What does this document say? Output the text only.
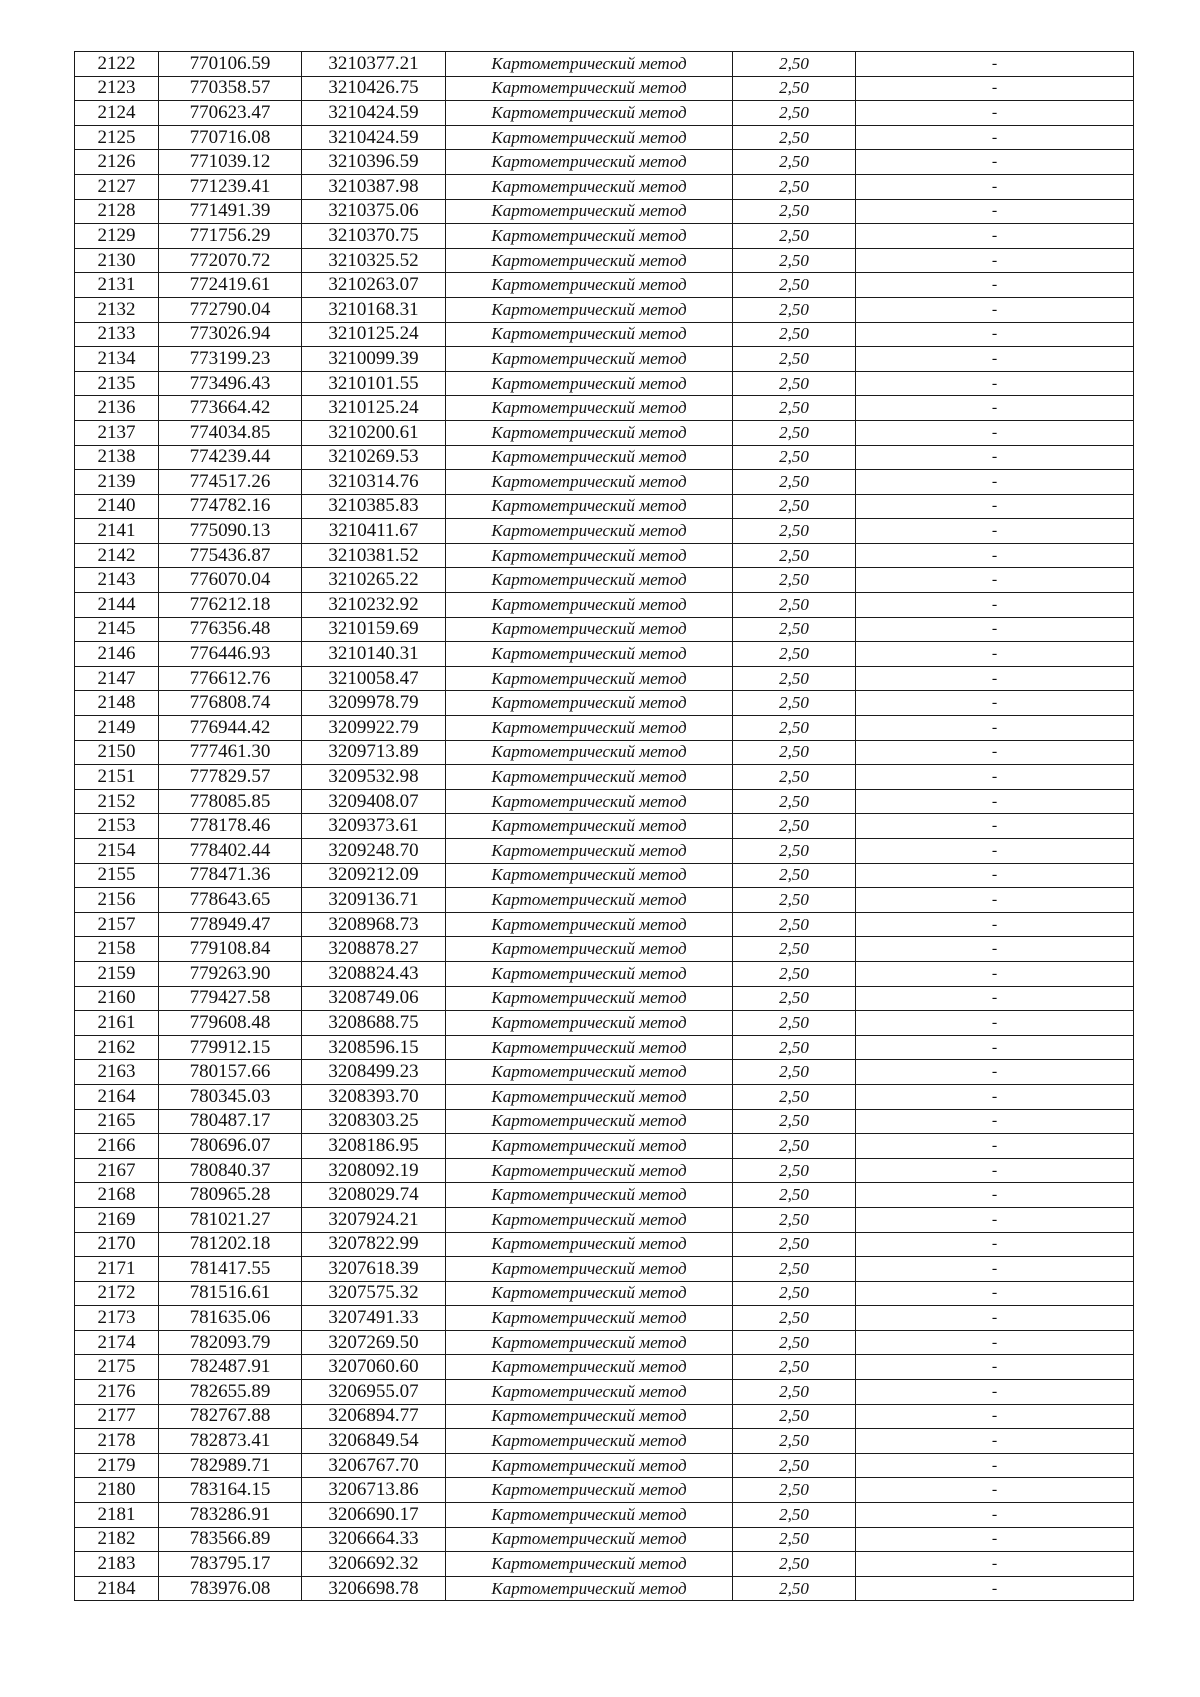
2122	770106.59	3210377.21	Картометрический метод	2,50	-
2123	770358.57	3210426.75	Картометрический метод	2,50	-
2124	770623.47	3210424.59	Картометрический метод	2,50	-
2125	770716.08	3210424.59	Картометрический метод	2,50	-
2126	771039.12	3210396.59	Картометрический метод	2,50	-
2127	771239.41	3210387.98	Картометрический метод	2,50	-
2128	771491.39	3210375.06	Картометрический метод	2,50	-
2129	771756.29	3210370.75	Картометрический метод	2,50	-
2130	772070.72	3210325.52	Картометрический метод	2,50	-
2131	772419.61	3210263.07	Картометрический метод	2,50	-
2132	772790.04	3210168.31	Картометрический метод	2,50	-
2133	773026.94	3210125.24	Картометрический метод	2,50	-
2134	773199.23	3210099.39	Картометрический метод	2,50	-
2135	773496.43	3210101.55	Картометрический метод	2,50	-
2136	773664.42	3210125.24	Картометрический метод	2,50	-
2137	774034.85	3210200.61	Картометрический метод	2,50	-
2138	774239.44	3210269.53	Картометрический метод	2,50	-
2139	774517.26	3210314.76	Картометрический метод	2,50	-
2140	774782.16	3210385.83	Картометрический метод	2,50	-
2141	775090.13	3210411.67	Картометрический метод	2,50	-
2142	775436.87	3210381.52	Картометрический метод	2,50	-
2143	776070.04	3210265.22	Картометрический метод	2,50	-
2144	776212.18	3210232.92	Картометрический метод	2,50	-
2145	776356.48	3210159.69	Картометрический метод	2,50	-
2146	776446.93	3210140.31	Картометрический метод	2,50	-
2147	776612.76	3210058.47	Картометрический метод	2,50	-
2148	776808.74	3209978.79	Картометрический метод	2,50	-
2149	776944.42	3209922.79	Картометрический метод	2,50	-
2150	777461.30	3209713.89	Картометрический метод	2,50	-
2151	777829.57	3209532.98	Картометрический метод	2,50	-
2152	778085.85	3209408.07	Картометрический метод	2,50	-
2153	778178.46	3209373.61	Картометрический метод	2,50	-
2154	778402.44	3209248.70	Картометрический метод	2,50	-
2155	778471.36	3209212.09	Картометрический метод	2,50	-
2156	778643.65	3209136.71	Картометрический метод	2,50	-
2157	778949.47	3208968.73	Картометрический метод	2,50	-
2158	779108.84	3208878.27	Картометрический метод	2,50	-
2159	779263.90	3208824.43	Картометрический метод	2,50	-
2160	779427.58	3208749.06	Картометрический метод	2,50	-
2161	779608.48	3208688.75	Картометрический метод	2,50	-
2162	779912.15	3208596.15	Картометрический метод	2,50	-
2163	780157.66	3208499.23	Картометрический метод	2,50	-
2164	780345.03	3208393.70	Картометрический метод	2,50	-
2165	780487.17	3208303.25	Картометрический метод	2,50	-
2166	780696.07	3208186.95	Картометрический метод	2,50	-
2167	780840.37	3208092.19	Картометрический метод	2,50	-
2168	780965.28	3208029.74	Картометрический метод	2,50	-
2169	781021.27	3207924.21	Картометрический метод	2,50	-
2170	781202.18	3207822.99	Картометрический метод	2,50	-
2171	781417.55	3207618.39	Картометрический метод	2,50	-
2172	781516.61	3207575.32	Картометрический метод	2,50	-
2173	781635.06	3207491.33	Картометрический метод	2,50	-
2174	782093.79	3207269.50	Картометрический метод	2,50	-
2175	782487.91	3207060.60	Картометрический метод	2,50	-
2176	782655.89	3206955.07	Картометрический метод	2,50	-
2177	782767.88	3206894.77	Картометрический метод	2,50	-
2178	782873.41	3206849.54	Картометрический метод	2,50	-
2179	782989.71	3206767.70	Картометрический метод	2,50	-
2180	783164.15	3206713.86	Картометрический метод	2,50	-
2181	783286.91	3206690.17	Картометрический метод	2,50	-
2182	783566.89	3206664.33	Картометрический метод	2,50	-
2183	783795.17	3206692.32	Картометрический метод	2,50	-
2184	783976.08	3206698.78	Картометрический метод	2,50	-
